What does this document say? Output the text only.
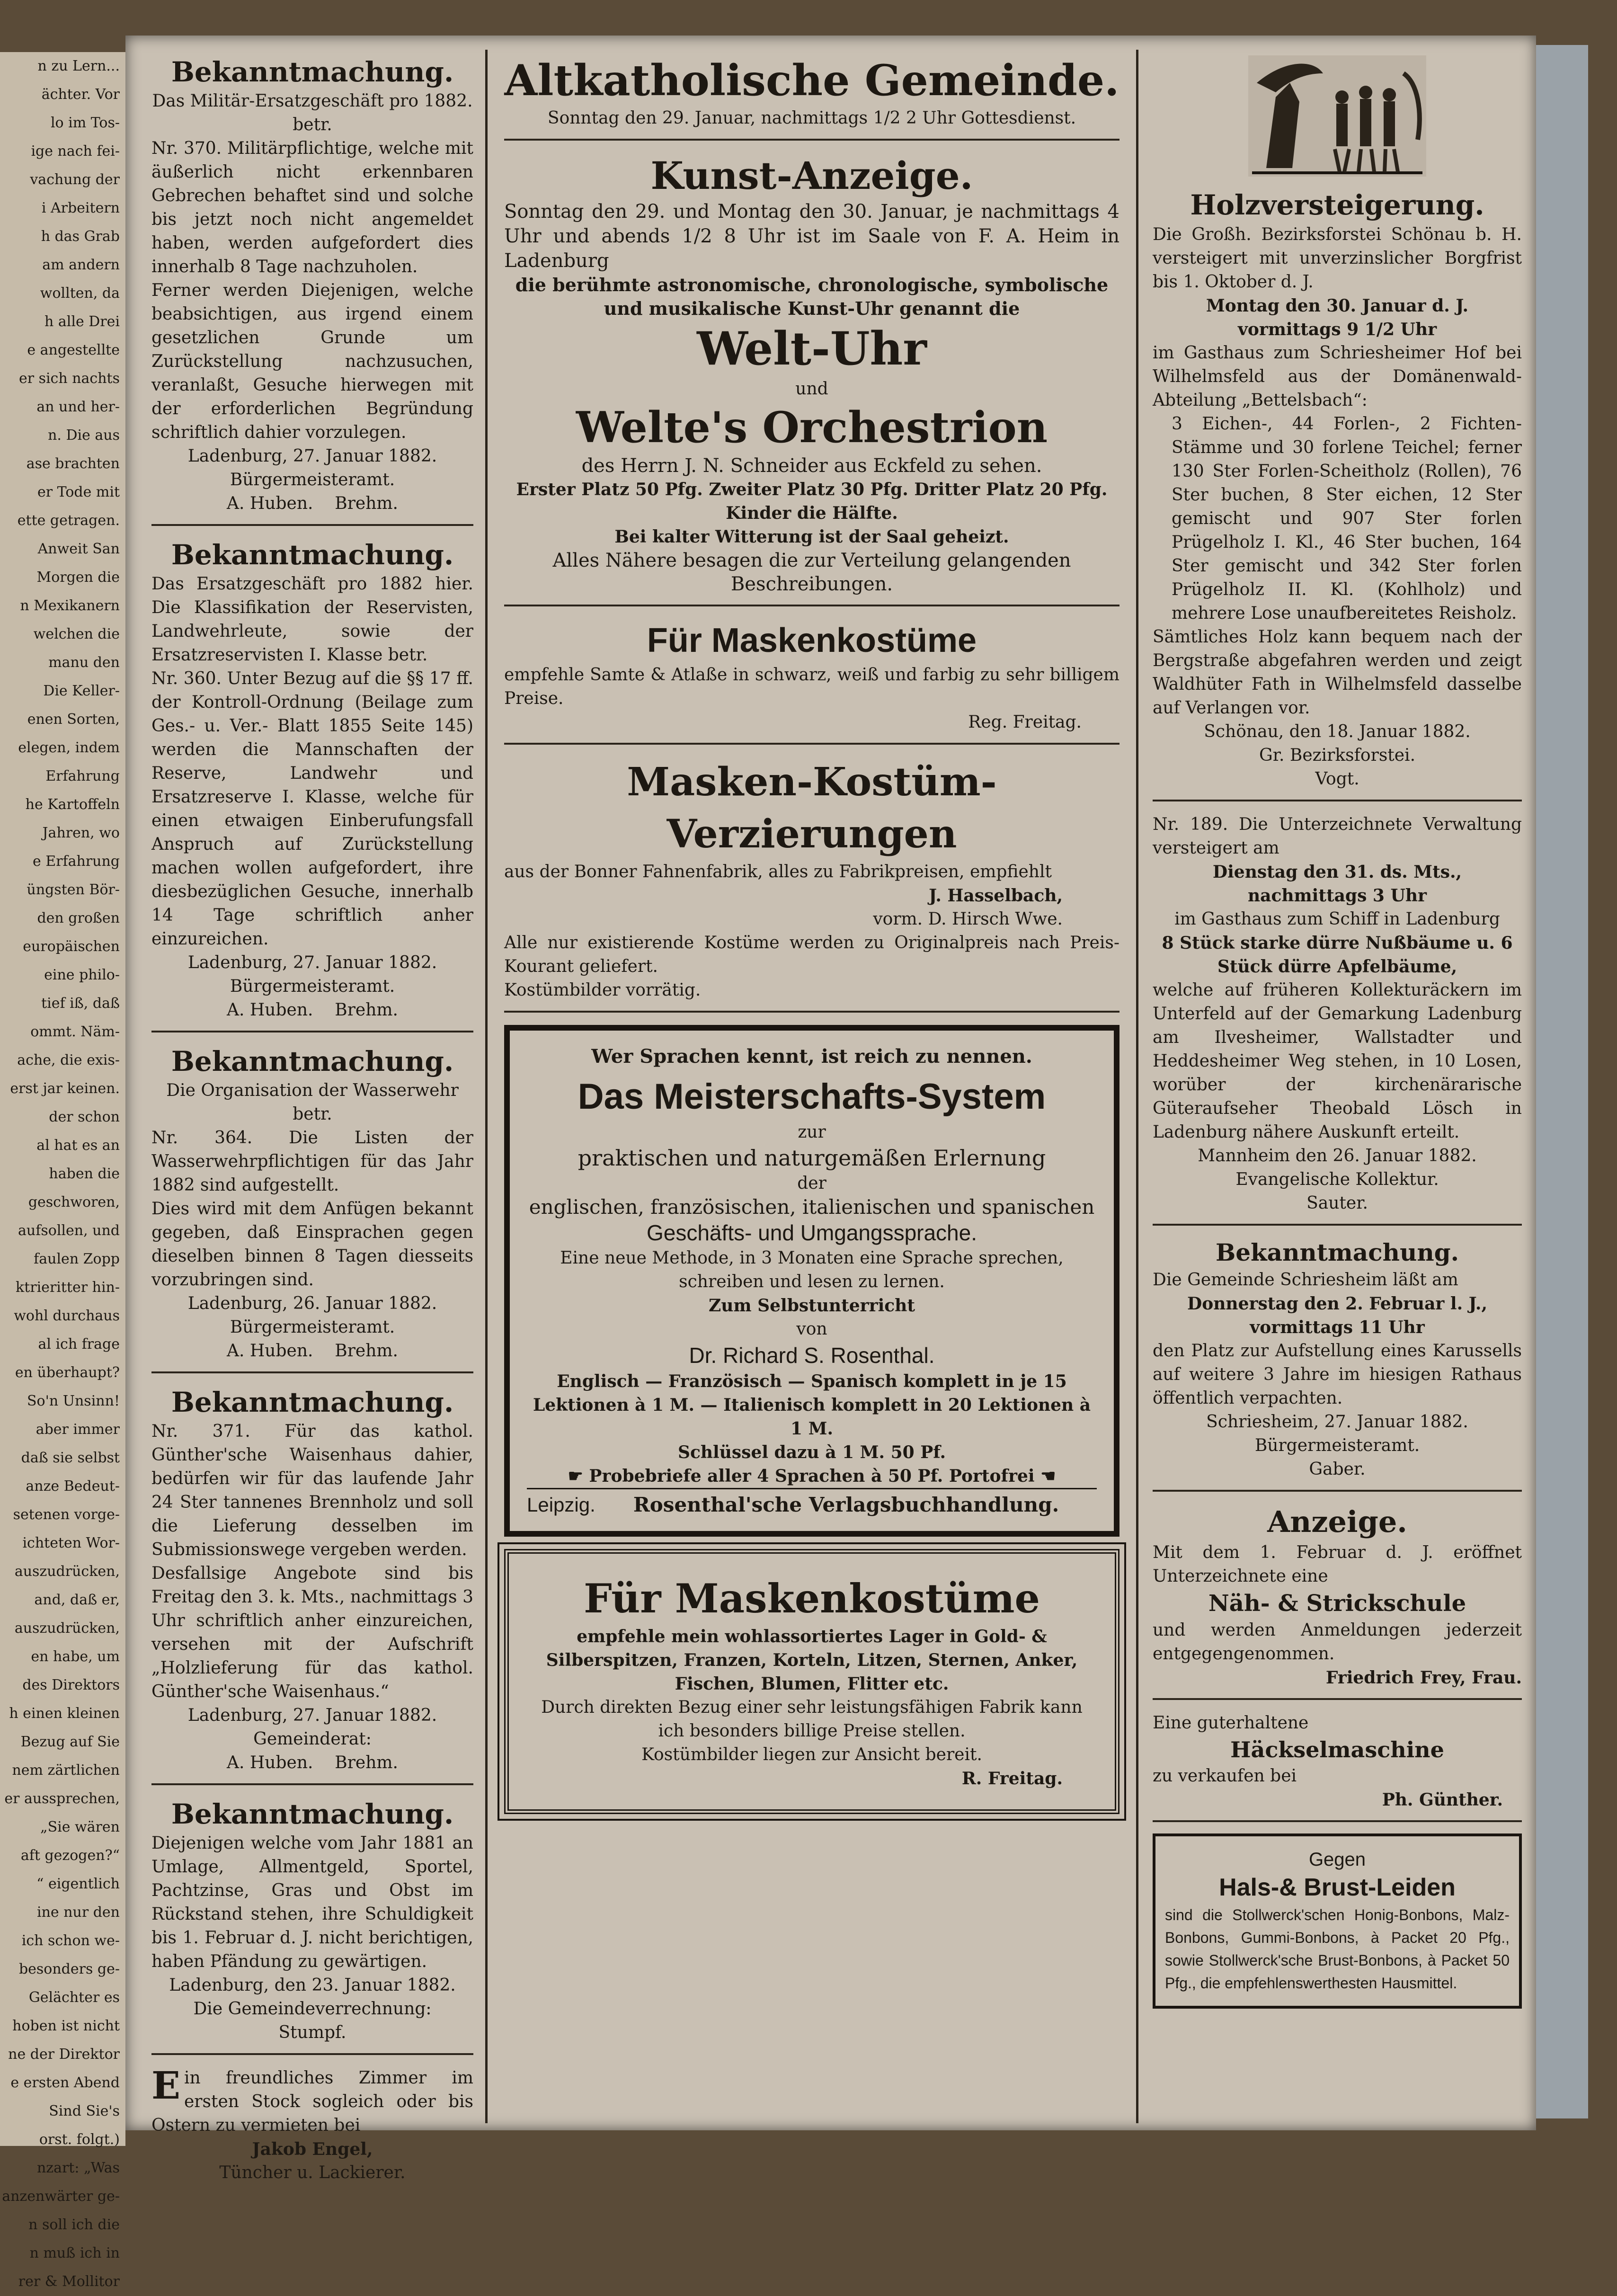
n zu Lern...

ächter. Vor

lo im Tos-

ige nach fei-

vachung der

i Arbeitern

h das Grab

am andern

wollten, da

h alle Drei

e angestellte

er sich nachts

an und her-

n. Die aus

ase brachten

er Tode mit

ette getragen.

Anweit San

Morgen die

n Mexikanern

welchen die

manu den

Die Keller-

enen Sorten,

elegen, indem

Erfahrung

he Kartoffeln

Jahren, wo

e Erfahrung

üngsten Bör-

den großen

europäischen

eine philo-

tief iß, daß

ommt. Näm-

ache, die exis-

erst jar keinen.

der schon

al hat es an

haben die

geschworen,

aufsollen, und

faulen Zopp

ktrieritter hin-

wohl durchaus

al ich frage

en überhaupt?

So'n Unsinn!

aber immer

daß sie selbst

anze Bedeut-

setenen vorge-

ichteten Wor-

auszudrücken,

and, daß er,

auszudrücken,

en habe, um

des Direktors

h einen kleinen

Bezug auf Sie

nem zärtlichen

er aussprechen,

„Sie wären

aft gezogen?“

“ eigentlich

ine nur den

ich schon we-

besonders ge-

Gelächter es

hoben ist nicht

ne der Direktor

e ersten Abend

Sind Sie's

orst. folgt.)

nzart: „Was

anzenwärter ge-

n soll ich die

n muß ich in

rer & Mollitor

Bekanntmachung.

Das Militär-Ersatzgeschäft pro 1882. betr.

Nr. 370. Militärpflichtige, welche mit äußerlich nicht erkennbaren Gebrechen behaftet sind und solche bis jetzt noch nicht angemeldet haben, werden aufgefordert dies innerhalb 8 Tage nachzuholen.

Ferner werden Diejenigen, welche beabsichtigen, aus irgend einem gesetzlichen Grunde um Zurückstellung nachzusuchen, veranlaßt, Gesuche hierwegen mit der erforderlichen Begründung schriftlich dahier vorzulegen.

Ladenburg, 27. Januar 1882.

Bürgermeisteramt.

A. Huben. Brehm.

Bekanntmachung.

Das Ersatzgeschäft pro 1882 hier. Die Klassifikation der Reservisten, Landwehrleute, sowie der Ersatzreservisten I. Klasse betr.

Nr. 360. Unter Bezug auf die §§ 17 ff. der Kontroll-Ordnung (Beilage zum Ges.- u. Ver.- Blatt 1855 Seite 145) werden die Mannschaften der Reserve, Landwehr und Ersatzreserve I. Klasse, welche für einen etwaigen Einberufungsfall Anspruch auf Zurückstellung machen wollen aufgefordert, ihre diesbezüglichen Gesuche, innerhalb 14 Tage schriftlich anher einzureichen.

Ladenburg, 27. Januar 1882.

Bürgermeisteramt.

A. Huben. Brehm.

Bekanntmachung.

Die Organisation der Wasserwehr betr.

Nr. 364. Die Listen der Wasserwehrpflichtigen für das Jahr 1882 sind aufgestellt.

Dies wird mit dem Anfügen bekannt gegeben, daß Einsprachen gegen dieselben binnen 8 Tagen diesseits vorzubringen sind.

Ladenburg, 26. Januar 1882.

Bürgermeisteramt.

A. Huben. Brehm.

Bekanntmachung.

Nr. 371. Für das kathol. Günther'sche Waisenhaus dahier, bedürfen wir für das laufende Jahr 24 Ster tannenes Brennholz und soll die Lieferung desselben im Submissionswege vergeben werden.

Desfallsige Angebote sind bis Freitag den 3. k. Mts., nachmittags 3 Uhr schriftlich anher einzureichen, versehen mit der Aufschrift „Holzlieferung für das kathol. Günther'sche Waisenhaus.“

Ladenburg, 27. Januar 1882.

Gemeinderat:

A. Huben. Brehm.

Bekanntmachung.

Diejenigen welche vom Jahr 1881 an Umlage, Allmentgeld, Sportel, Pachtzinse, Gras und Obst im Rückstand stehen, ihre Schuldigkeit bis 1. Februar d. J. nicht berichtigen, haben Pfändung zu gewärtigen.

Ladenburg, den 23. Januar 1882.

Die Gemeindeverrechnung:

Stumpf.

Ein freundliches Zimmer im ersten Stock sogleich oder bis Ostern zu vermieten bei

Jakob Engel,

Tüncher u. Lackierer.

Altkatholische Gemeinde.

Sonntag den 29. Januar, nachmittags 1/2 2 Uhr Gottesdienst.

Kunst-Anzeige.

Sonntag den 29. und Montag den 30. Januar, je nachmittags 4 Uhr und abends 1/2 8 Uhr ist im Saale von F. A. Heim in Ladenburg

die berühmte astronomische, chronologische, symbolische und musikalische Kunst-Uhr genannt die

Welt-Uhr

und

Welte's Orchestrion

des Herrn J. N. Schneider aus Eckfeld zu sehen.

Erster Platz 50 Pfg. Zweiter Platz 30 Pfg. Dritter Platz 20 Pfg. Kinder die Hälfte.

Bei kalter Witterung ist der Saal geheizt.

Alles Nähere besagen die zur Verteilung gelangenden Beschreibungen.

Für Maskenkostüme

empfehle Samte & Atlaße in schwarz, weiß und farbig zu sehr billigem Preise.

Reg. Freitag.

Masken-Kostüm-Verzierungen

aus der Bonner Fahnenfabrik, alles zu Fabrikpreisen, empfiehlt

J. Hasselbach,

vorm. D. Hirsch Wwe.

Alle nur existierende Kostüme werden zu Originalpreis nach Preis-Kourant geliefert.

Kostümbilder vorrätig.

Wer Sprachen kennt, ist reich zu nennen.

Das Meisterschafts-System

zur

praktischen und naturgemäßen Erlernung

der

englischen, französischen, italienischen und spanischen

Geschäfts- und Umgangssprache.

Eine neue Methode, in 3 Monaten eine Sprache sprechen, schreiben und lesen zu lernen.

Zum Selbstunterricht

von

Dr. Richard S. Rosenthal.

Englisch — Französisch — Spanisch komplett in je 15 Lektionen à 1 M. — Italienisch komplett in 20 Lektionen à 1 M.

Schlüssel dazu à 1 M. 50 Pf.

☛ Probebriefe aller 4 Sprachen à 50 Pf. Portofrei ☚

Leipzig. Rosenthal'sche Verlagsbuchhandlung.

Für Maskenkostüme

empfehle mein wohlassortiertes Lager in Gold- & Silberspitzen, Franzen, Korteln, Litzen, Sternen, Anker, Fischen, Blumen, Flitter etc.

Durch direkten Bezug einer sehr leistungsfähigen Fabrik kann ich besonders billige Preise stellen.

Kostümbilder liegen zur Ansicht bereit.

R. Freitag.

Holzversteigerung.

Die Großh. Bezirksforstei Schönau b. H. versteigert mit unverzinslicher Borgfrist bis 1. Oktober d. J.

Montag den 30. Januar d. J. vormittags 9 1/2 Uhr

im Gasthaus zum Schriesheimer Hof bei Wilhelmsfeld aus der Domänenwald-Abteilung „Bettelsbach“:

3 Eichen-, 44 Forlen-, 2 Fichten-Stämme und 30 forlene Teichel; ferner 130 Ster Forlen-Scheitholz (Rollen), 76 Ster buchen, 8 Ster eichen, 12 Ster gemischt und 907 Ster forlen Prügelholz I. Kl., 46 Ster buchen, 164 Ster gemischt und 342 Ster forlen Prügelholz II. Kl. (Kohlholz) und mehrere Lose unaufbereitetes Reisholz.

Sämtliches Holz kann bequem nach der Bergstraße abgefahren werden und zeigt Waldhüter Fath in Wilhelmsfeld dasselbe auf Verlangen vor.

Schönau, den 18. Januar 1882.

Gr. Bezirksforstei.

Vogt.

Nr. 189. Die Unterzeichnete Verwaltung versteigert am

Dienstag den 31. ds. Mts., nachmittags 3 Uhr

im Gasthaus zum Schiff in Ladenburg

8 Stück starke dürre Nußbäume u. 6 Stück dürre Apfelbäume,

welche auf früheren Kollekturäckern im Unterfeld auf der Gemarkung Ladenburg am Ilvesheimer, Wallstadter und Heddesheimer Weg stehen, in 10 Losen, worüber der kirchenärarische Güteraufseher Theobald Lösch in Ladenburg nähere Auskunft erteilt.

Mannheim den 26. Januar 1882.

Evangelische Kollektur.

Sauter.

Bekanntmachung.

Die Gemeinde Schriesheim läßt am

Donnerstag den 2. Februar l. J., vormittags 11 Uhr

den Platz zur Aufstellung eines Karussells auf weitere 3 Jahre im hiesigen Rathaus öffentlich verpachten.

Schriesheim, 27. Januar 1882.

Bürgermeisteramt.

Gaber.

Anzeige.

Mit dem 1. Februar d. J. eröffnet Unterzeichnete eine

Näh- & Strickschule

und werden Anmeldungen jederzeit entgegengenommen.

Friedrich Frey, Frau.

Eine guterhaltene

Häckselmaschine

zu verkaufen bei

Ph. Günther.

Gegen

Hals-& Brust-Leiden

sind die Stollwerck'schen Honig-Bonbons, Malz-Bonbons, Gummi-Bonbons, à Packet 20 Pfg., sowie Stollwerck'sche Brust-Bonbons, à Packet 50 Pfg., die empfehlenswerthesten Hausmittel.
